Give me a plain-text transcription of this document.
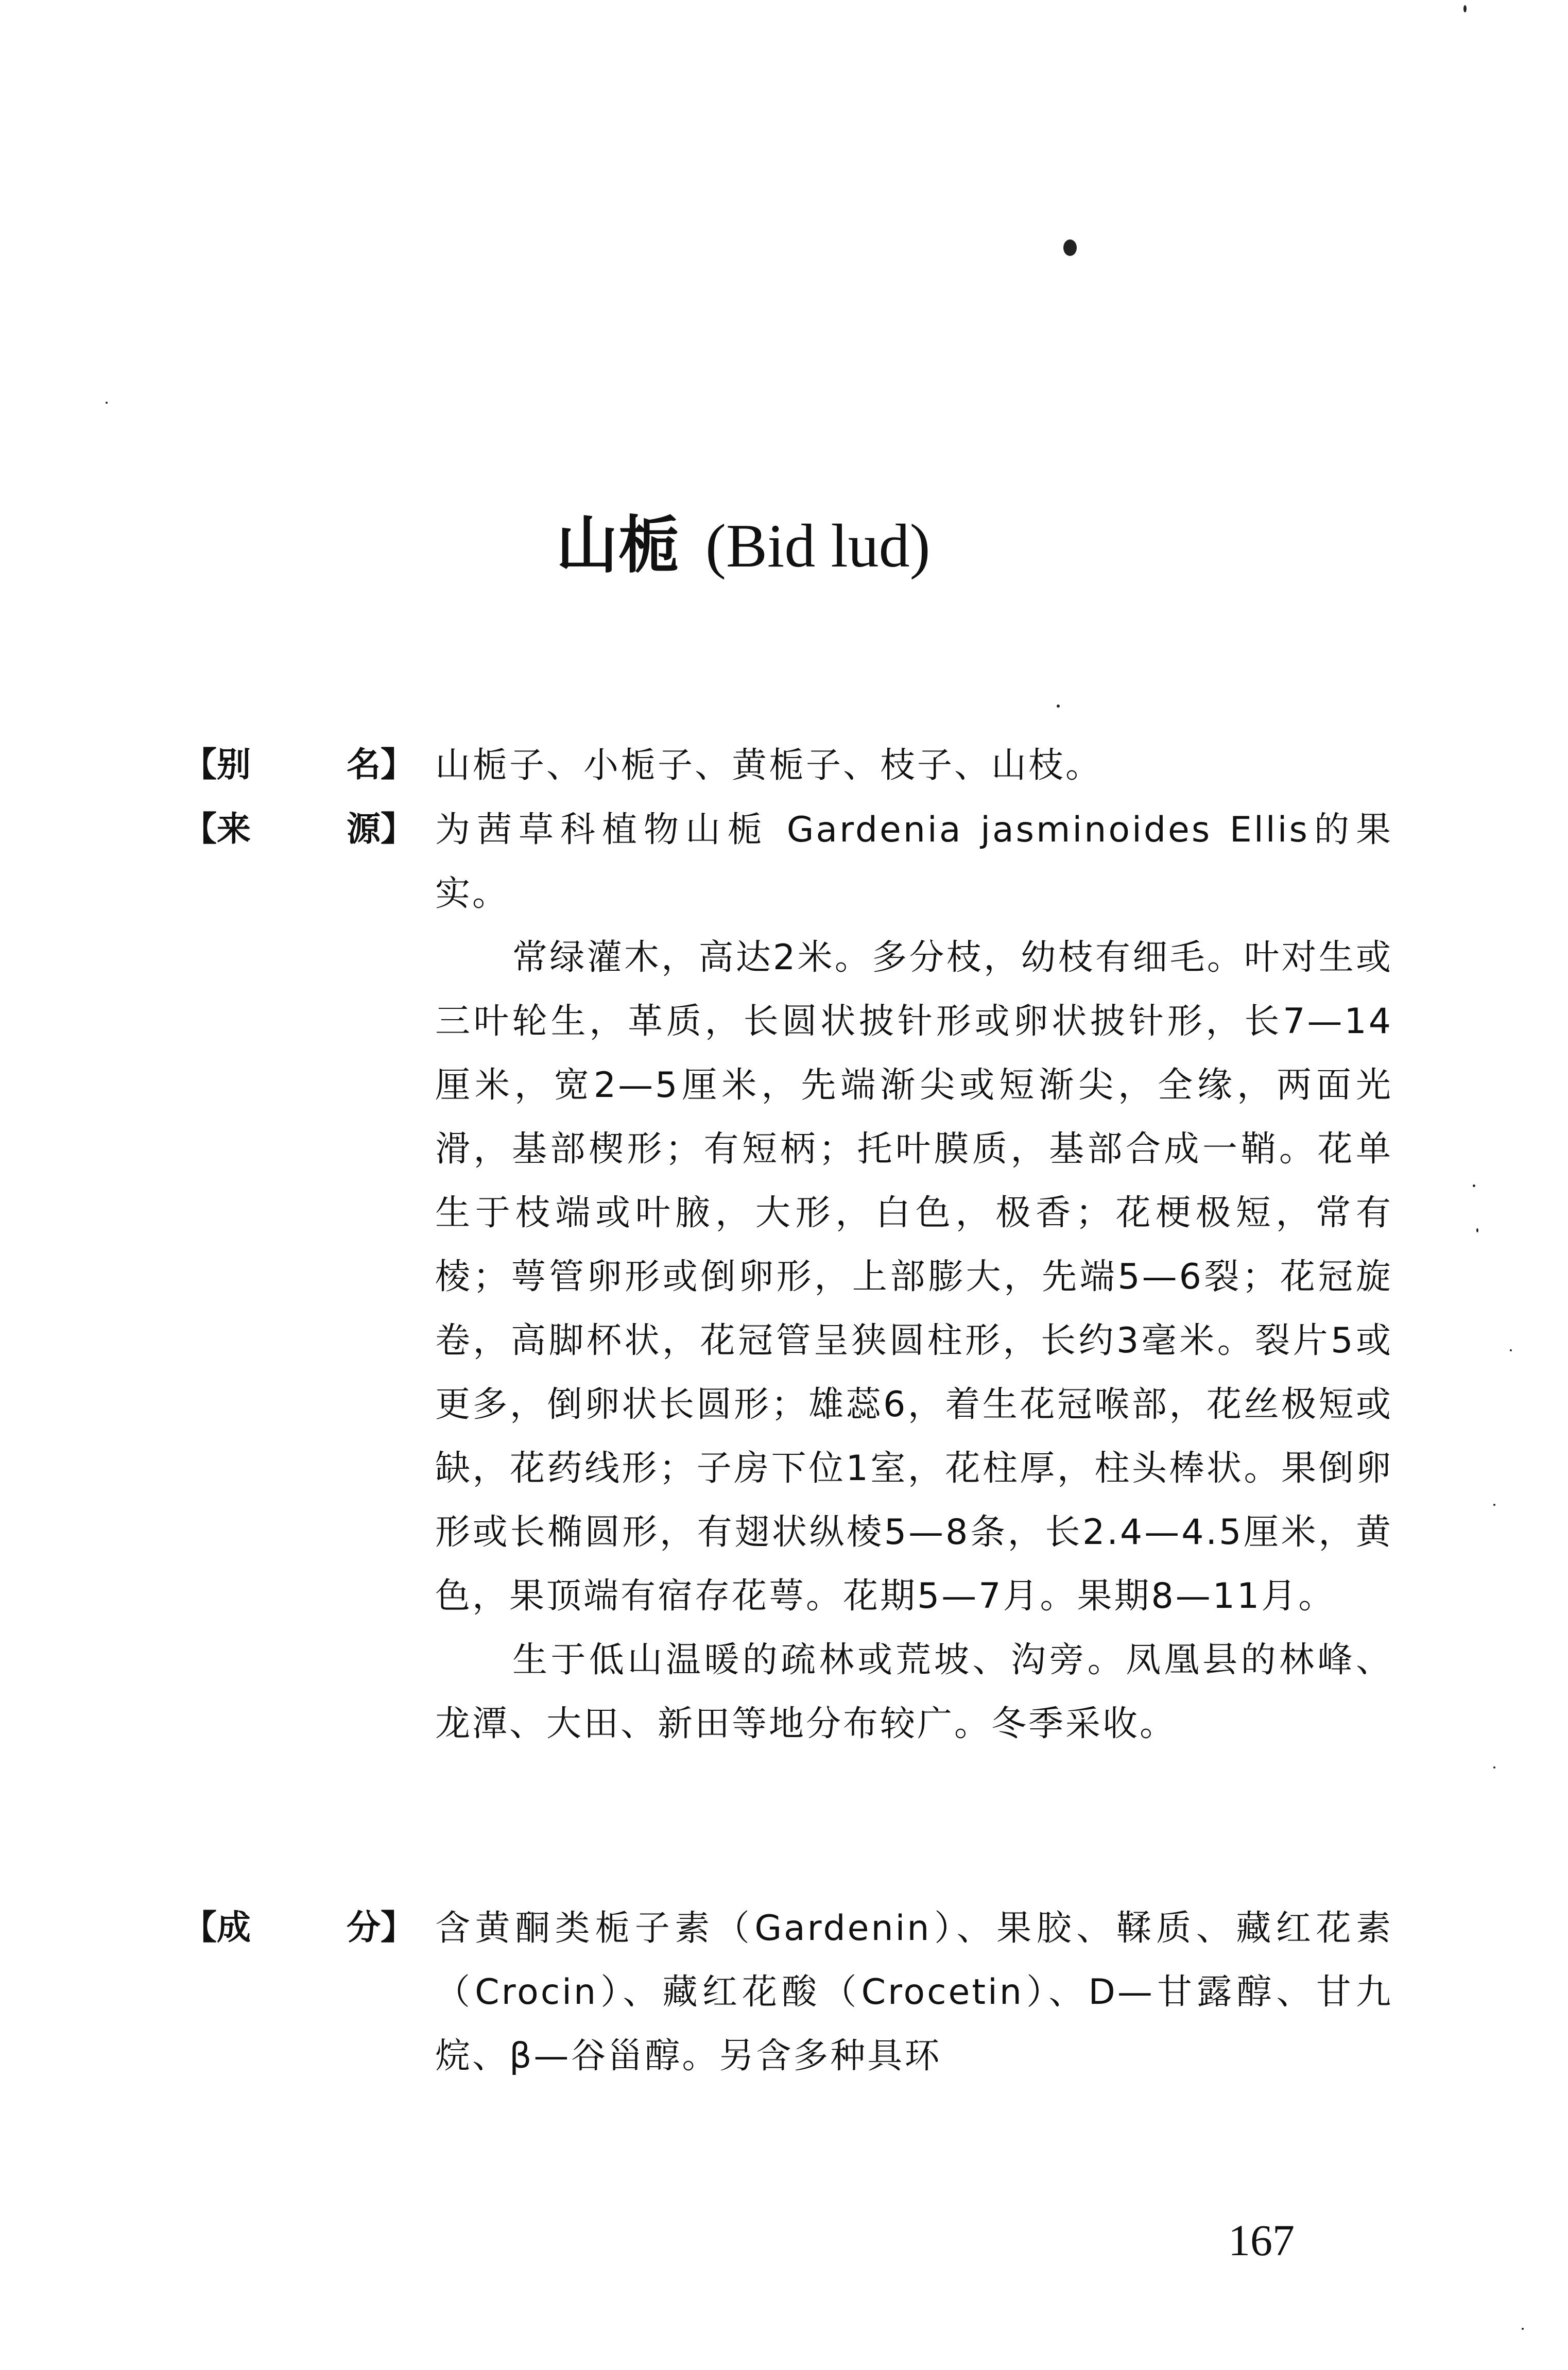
山栀 (Bid lud)
【别	名】 山栀子、小栀子、黄栀子、枝子、山枝。

【来	源】 为茜草科植物山栀 Gardenia jasminoides Ellis的果实。

常绿灌木，高达2米。多分枝，幼枝有细毛。叶对生或三叶轮生，革质，长圆状披针形或卵状披针形，长7—14厘米，宽2—5厘米，先端渐尖或短渐尖，全缘，两面光滑，基部楔形；有短柄；托叶膜质，基部合成一鞘。花单生于枝端或叶腋，大形，白色，极香；花梗极短，常有棱；萼管卵形或倒卵形，上部膨大，先端5—6裂；花冠旋卷，高脚杯状，花冠管呈狭圆柱形，长约3毫米。裂片5或更多，倒卵状长圆形；雄蕊6，着生花冠喉部，花丝极短或缺，花药线形；子房下位1室，花柱厚，柱头棒状。果倒卵形或长椭圆形，有翅状纵棱5—8条，长2.4—4.5厘米，黄色，果顶端有宿存花萼。花期5—7月。果期8—11月。

生于低山温暖的疏林或荒坡、沟旁。凤凰县的林峰、龙潭、大田、新田等地分布较广。冬季采收。

【成	分】 含黄酮类栀子素（Gardenin）、果胶、鞣质、藏红花素（Crocin）、藏红花酸（Crocetin）、D—甘露醇、甘九烷、β—谷甾醇。另含多种具环

167
